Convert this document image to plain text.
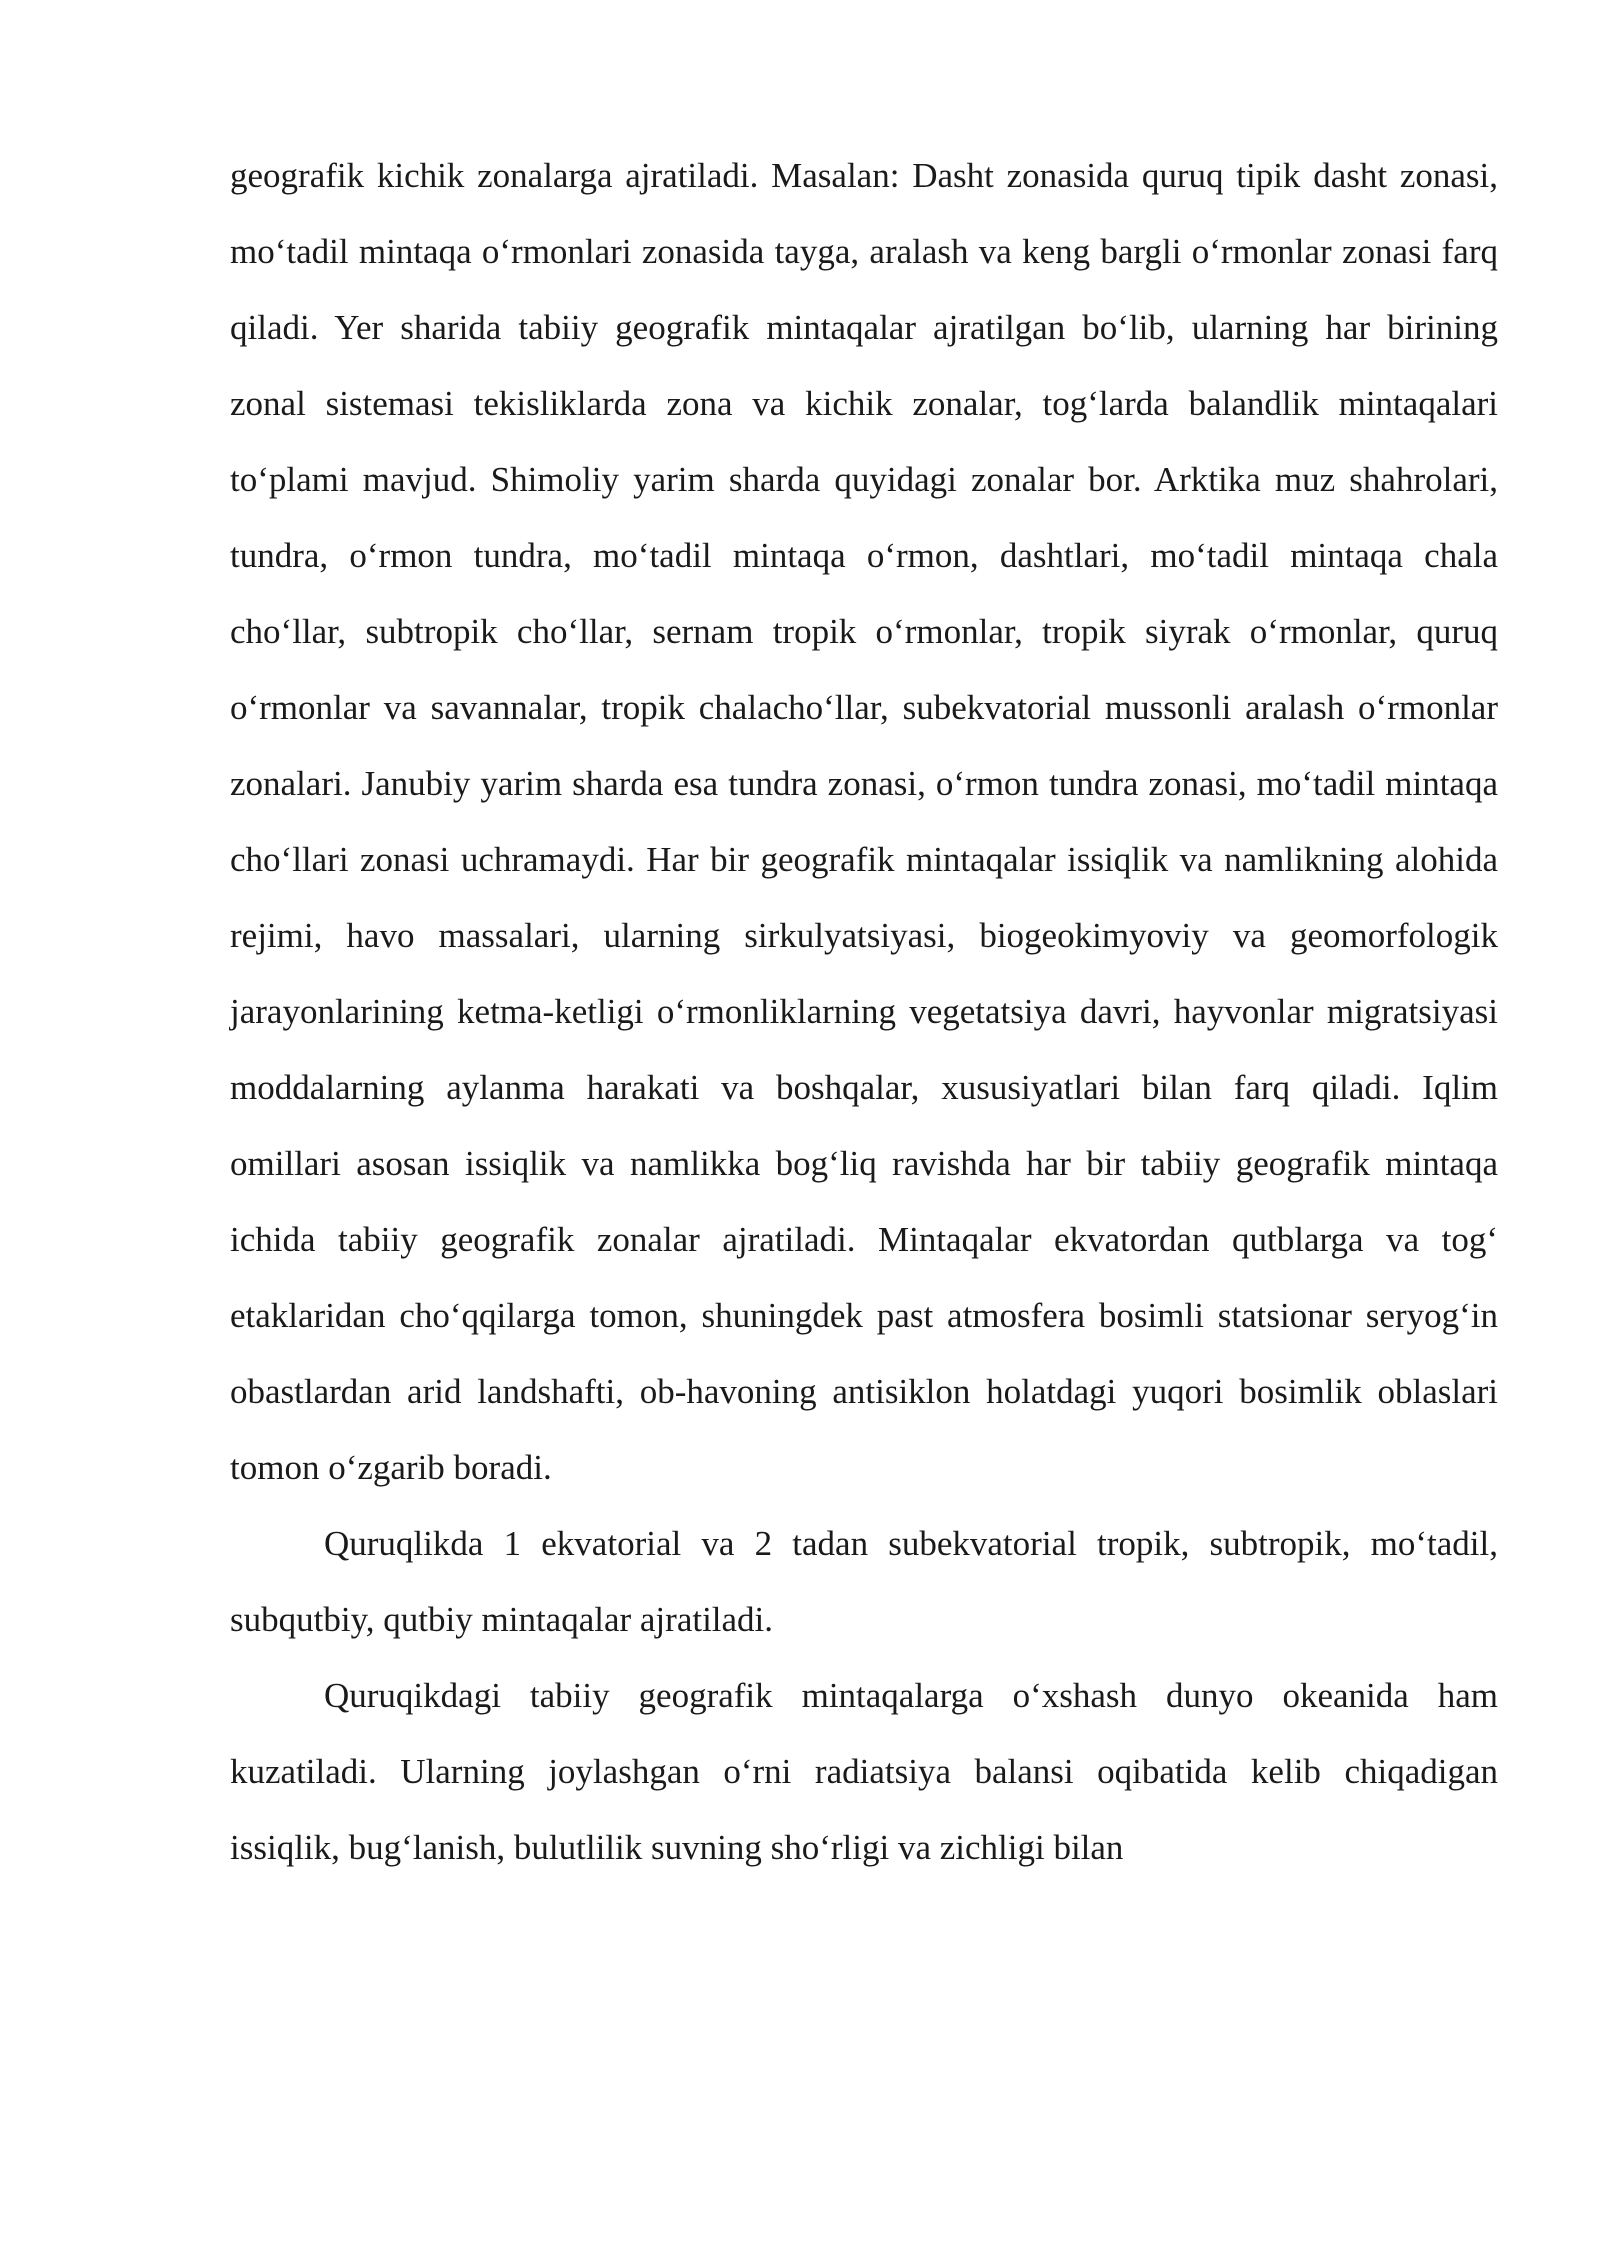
geografik kichik zonalarga ajratiladi. Masalan: Dasht zonasida quruq tipik dasht zonasi, mo‘tadil mintaqa o‘rmonlari zonasida tayga, aralash va keng bargli o‘rmonlar zonasi farq qiladi. Yer sharida tabiiy geografik mintaqalar ajratilgan bo‘lib, ularning har birining zonal sistemasi tekisliklarda zona va kichik zonalar, tog‘larda balandlik mintaqalari to‘plami mavjud. Shimoliy yarim sharda quyidagi zonalar bor. Arktika muz shahrolari, tundra, o‘rmon tundra, mo‘tadil mintaqa o‘rmon, dashtlari, mo‘tadil mintaqa chala cho‘llar, subtropik cho‘llar, sernam tropik o‘rmonlar, tropik siyrak o‘rmonlar, quruq o‘rmonlar va savannalar, tropik chalacho‘llar, subekvatorial mussonli aralash o‘rmonlar zonalari. Janubiy yarim sharda esa tundra zonasi, o‘rmon tundra zonasi, mo‘tadil mintaqa cho‘llari zonasi uchramaydi. Har bir geografik mintaqalar issiqlik va namlikning alohida rejimi, havo massalari, ularning sirkulyatsiyasi, biogeokimyoviy va geomorfologik jarayonlarining ketma-ketligi o‘rmonliklarning vegetatsiya davri, hayvonlar migratsiyasi moddalarning aylanma harakati va boshqalar, xususiyatlari bilan farq qiladi. Iqlim omillari asosan issiqlik va namlikka bog‘liq ravishda har bir tabiiy geografik mintaqa ichida tabiiy geografik zonalar ajratiladi. Mintaqalar ekvatordan qutblarga va tog‘ etaklaridan cho‘qqilarga tomon, shuningdek past atmosfera bosimli statsionar seryog‘in obastlardan arid landshafti, ob-havoning antisiklon holatdagi yuqori bosimlik oblaslari tomon o‘zgarib boradi.

Quruqlikda 1 ekvatorial va 2 tadan subekvatorial tropik, subtropik, mo‘tadil, subqutbiy, qutbiy mintaqalar ajratiladi.

Quruqikdagi tabiiy geografik mintaqalarga o‘xshash dunyo okeanida ham kuzatiladi. Ularning joylashgan o‘rni radiatsiya balansi oqibatida kelib chiqadigan issiqlik, bug‘lanish, bulutlilik suvning sho‘rligi va zichligi bilan
